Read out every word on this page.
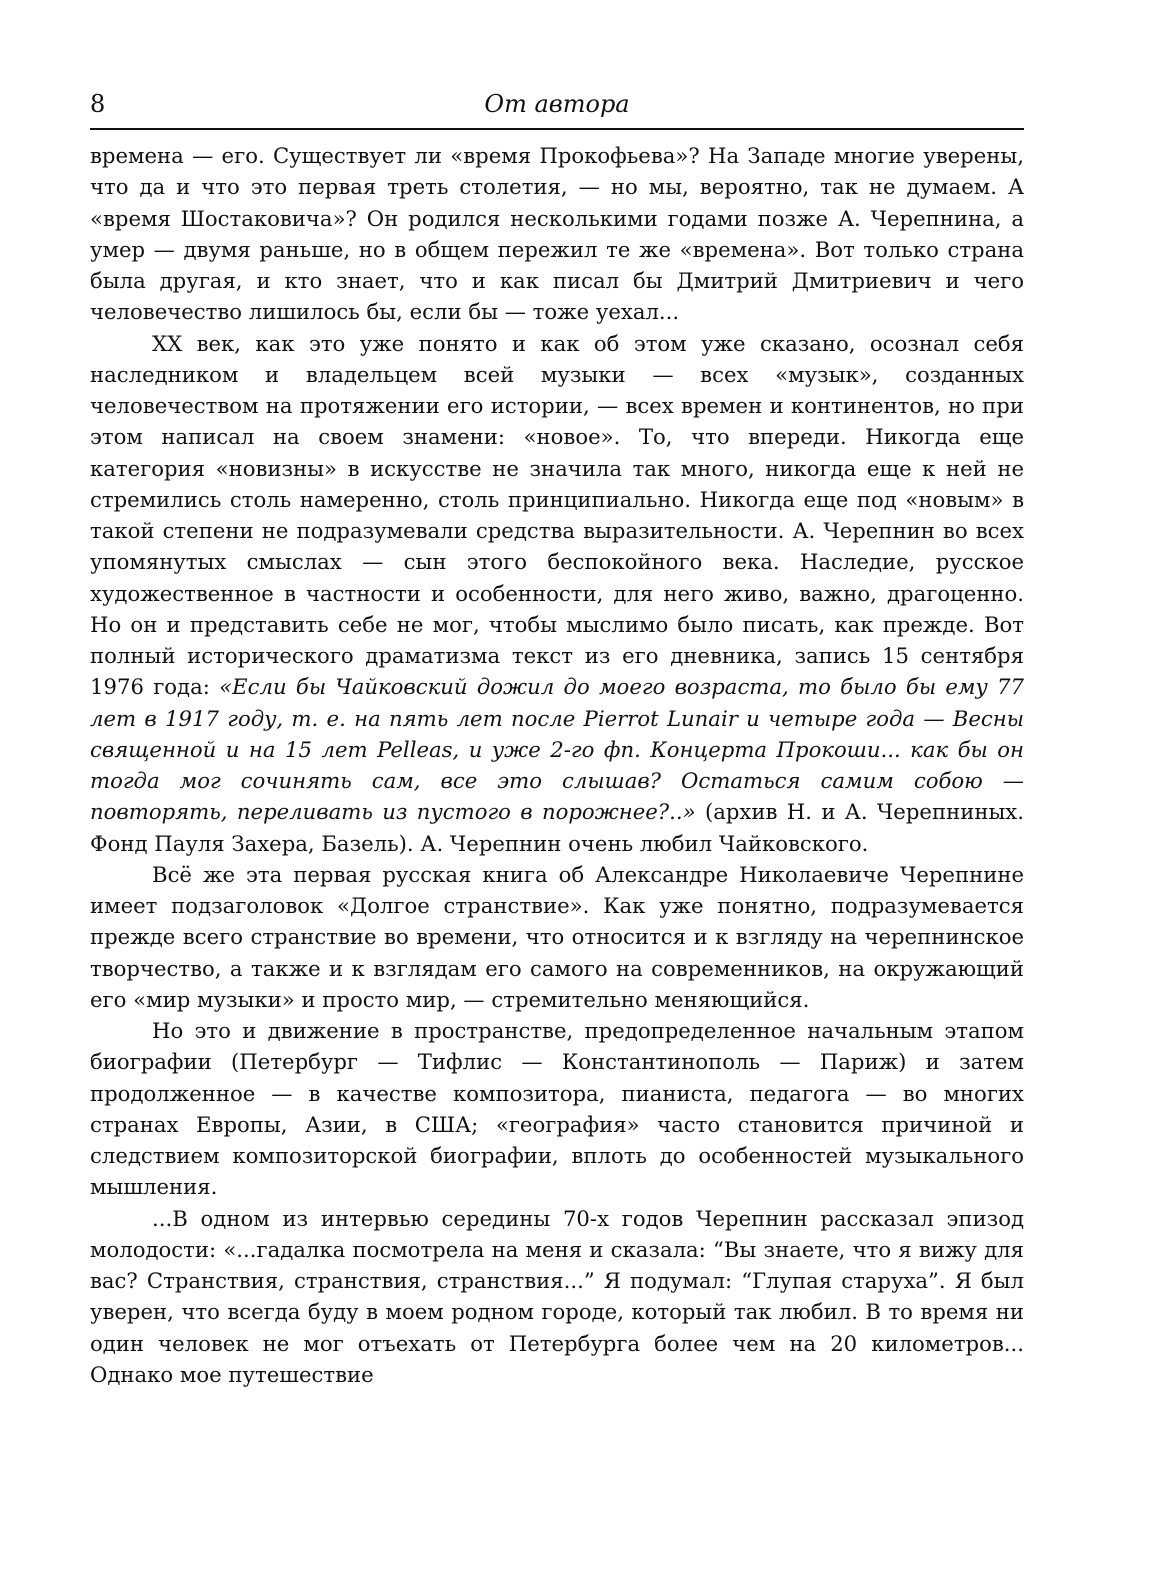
8	От автора

времена — его. Существует ли «время Прокофьева»? На Западе многие уверены, что да и что это первая треть столетия, — но мы, вероятно, так не думаем. А «время Шостаковича»? Он родился несколькими годами позже А. Черепнина, а умер — двумя раньше, но в общем пережил те же «времена». Вот только страна была другая, и кто знает, что и как писал бы Дмитрий Дмитриевич и чего человечество лишилось бы, если бы — тоже уехал...

XX век, как это уже понято и как об этом уже сказано, осознал себя наследником и владельцем всей музыки — всех «музык», созданных человечеством на протяжении его истории, — всех времен и континентов, но при этом написал на своем знамени: «новое». То, что впереди. Никогда еще категория «новизны» в искусстве не значила так много, никогда еще к ней не стремились столь намеренно, столь принципиально. Никогда еще под «новым» в такой степени не подразумевали средства выразительности. А. Черепнин во всех упомянутых смыслах — сын этого беспокойного века. Наследие, русское художественное в частности и особенности, для него живо, важно, драгоценно. Но он и представить себе не мог, чтобы мыслимо было писать, как прежде. Вот полный исторического драматизма текст из его дневника, запись 15 сентября 1976 года: «Если бы Чайковский дожил до моего возраста, то было бы ему 77 лет в 1917 году, т. е. на пять лет после Pierrot Lunair и четыре года — Весны священной и на 15 лет Pelleas, и уже 2-го фп. Концерта Прокоши... как бы он тогда мог сочинять сам, все это слышав? Остаться самим собою — повторять, переливать из пустого в порожнее?..» (архив Н. и А. Черепниных. Фонд Пауля Захера, Базель). А. Черепнин очень любил Чайковского.

Всё же эта первая русская книга об Александре Николаевиче Черепнине имеет подзаголовок «Долгое странствие». Как уже понятно, подразумевается прежде всего странствие во времени, что относится и к взгляду на черепнинское творчество, а также и к взглядам его самого на современников, на окружающий его «мир музыки» и просто мир, — стремительно меняющийся.

Но это и движение в пространстве, предопределенное начальным этапом биографии (Петербург — Тифлис — Константинополь — Париж) и затем продолженное — в качестве композитора, пианиста, педагога — во многих странах Европы, Азии, в США; «география» часто становится причиной и следствием композиторской биографии, вплоть до особенностей музыкального мышления.

...В одном из интервью середины 70-х годов Черепнин рассказал эпизод молодости: «...гадалка посмотрела на меня и сказала: “Вы знаете, что я вижу для вас? Странствия, странствия, странствия...” Я подумал: “Глупая старуха”. Я был уверен, что всегда буду в моем родном городе, который так любил. В то время ни один человек не мог отъехать от Петербурга более чем на 20 километров... Однако мое путешествие
